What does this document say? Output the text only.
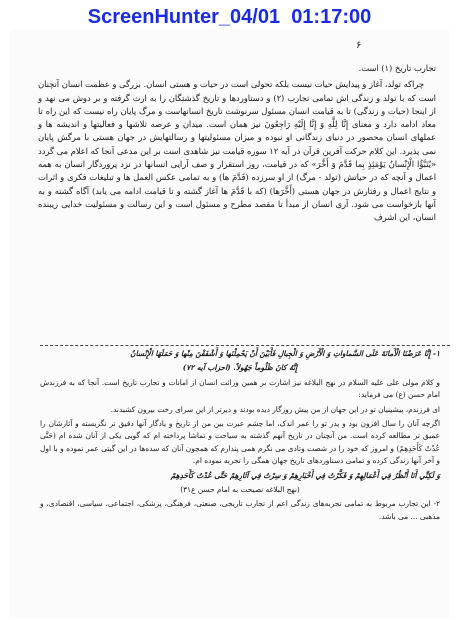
ScreenHunter_04/01  01:17:00
۶

تجارب تاریخ (۱) است.

چراکه تولد، آغاز و پیدایش حیات نیست بلکه تحولی است در حیات و هستی انسان. بزرگی و عظمت انسان آنچنان است که با تولد و زندگی اش تمامی تجارب (۲) و دستاوردها و تاریخ گذشتگان را به ارث گرفته و بر دوش می نهد و از اینجا (حیات و زندگی) تا به قیامت انسان مسئول سرنوشت تاریخ انسانهاست و مرگ پایان راه نیست که این راه تا معاد ادامه دارد و معنای إِنَّا لِلَّهِ وَ إِنَّا إِلَيْهِ رَاجِعُونَ نیز همان است. میدان و عرصه تلاشها و فعالیتها و اندیشه ها و عملهای انسان محصور در دنیای زندگانی او نبوده و میزان مسئولیتها و رسالتهایش در جهان هستی با مرگش پایان نمی پذیرد. این کلام حرکت آفرین قرآن در آیه ۱۲ سوره قیامت نیز شاهدی است بر این مدعی آنجا که اعلام می گردد «يُنَبَّؤُا الْإِنْسانُ يَوْمَئِذٍ بِما قَدَّمَ وَ أَخَّرَ» که در قیامت، روز استقرار و صف آرایی انسانها در نزد پروردگار انسان به همه اعمال و آنچه که در حیاتش (تولد - مرگ) از او سرزده (قَدَّمَ ها) و به تمامی عکس العمل ها و تبلیغات فکری و اثرات و نتایج اعمال و رفتارش در جهان هستی (أَخَّرَها) (که با قَدَّمَ ها آغاز گشته و تا قیامت ادامه می یابد) آگاه گشته و به آنها بازخواست می شود. آری انسان از مبدأ تا مقصد مطرح و مسئول است و این رسالت و مسئولیت خدایی زیبنده انسان، این اشرف

۱- إِنَّا عَرَضْنَا الْأَمانَةَ عَلَى السَّماواتِ وَ الْأَرْضِ وَ الْجِبالِ فَأَبَيْنَ أَنْ يَحْمِلْنَها وَ أَشْفَقْنَ مِنْها وَ حَمَلَهَا الْإِنْسانُ

إِنَّهُ كانَ ظَلُوماً جَهُولاً. (احزاب آیه ۷۲)

و کلام مولی علی علیه السلام در نهج البلاغه نیز اشارت بر همین وراثت انسان از امانات و تجارب تاریخ است. آنجا که به فرزندش امام حسن (ع) می فرماید:

ای فرزندم، پیشینیان تو در این جهان از من پیش روزگار دیده بودند و دیرتر از این سرای رخت بیرون کشیدند.

اگرچه آنان را سال افزون بود و پدر تو را عمر اندک، اما چشم عبرت بین من از تاریخ و یادگار آنها دقیق تر نگریسته و آثارشان را عمیق تر مطالعه کرده است. من آنچنان در تاریخ آنهم گذشته به سیاحت و تماشا پرداخته ام که گویی یکی از آنان شده ام (حَتَّى عُدْتُ كَأَحَدِهِمْ) و امروز که خود را در شصت وتادی می نگرم همی پندارم که همچون آنان که سده‌ها در این گیتی عمر نموده و با اول و آخر آنها زندگی کرده و تمامی دستاوردهای تاریخ جهان همگی را تجربه نموده ام.

وَ لَكِنِّي أَنَا أَنْظُرُ فِي أَعْمَالِهِمْ وَ فَكَّرْتُ فِي أَخْبَارِهِمْ وَ سِرْتُ فِي آثَارِهِمْ حَتَّى عُدْتُ كَأَحَدِهِمْ

(نهج البلاغه نصیحت به امام حسن ع۳۱)

۲- این تجارب مربوط به تمامی تجربه‌های زندگی اعم از تجارب تاریخی، صنعتی، فرهنگی، پزشکی، اجتماعی، سیاسی، اقتصادی، و مذهبی ... می باشد.
